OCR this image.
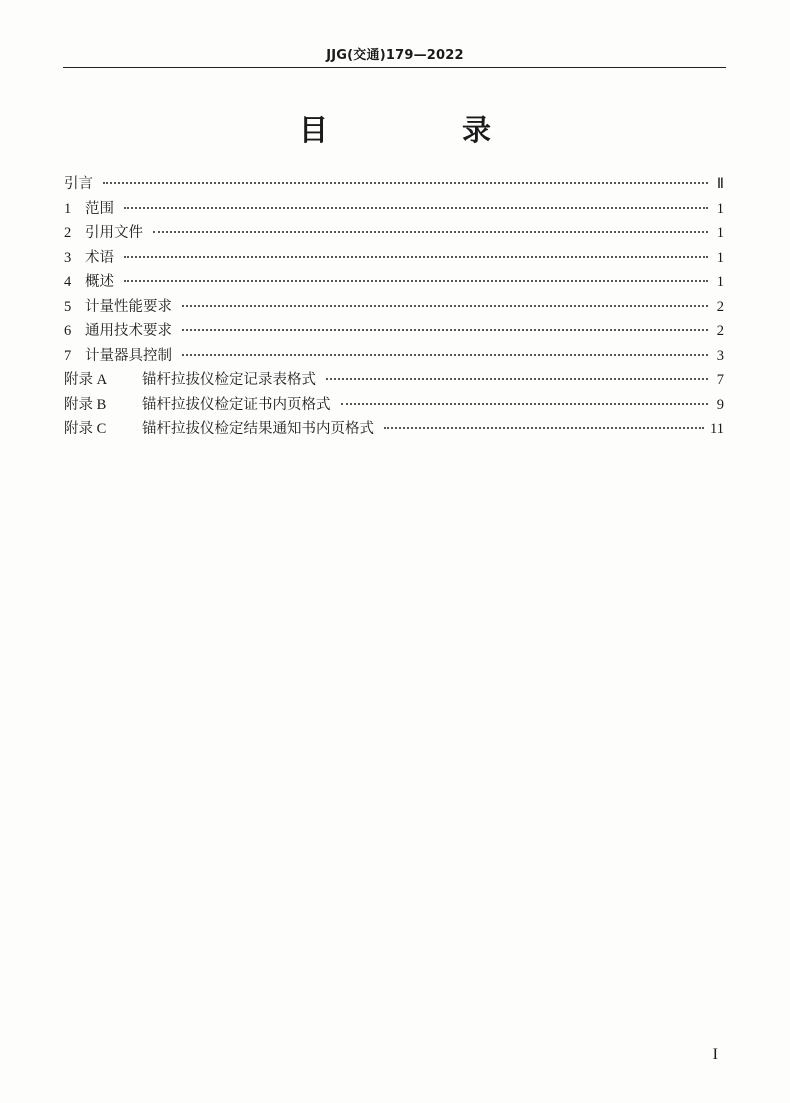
JJG(交通)179—2022
目 录
引言	Ⅱ
1 范围	1
2 引用文件	1
3 术语	1
4 概述	1
5 计量性能要求	2
6 通用技术要求	2
7 计量器具控制	3
附录 A	锚杆拉拔仪检定记录表格式	7
附录 B	锚杆拉拔仪检定证书内页格式	9
附录 C	锚杆拉拔仪检定结果通知书内页格式	11
I
